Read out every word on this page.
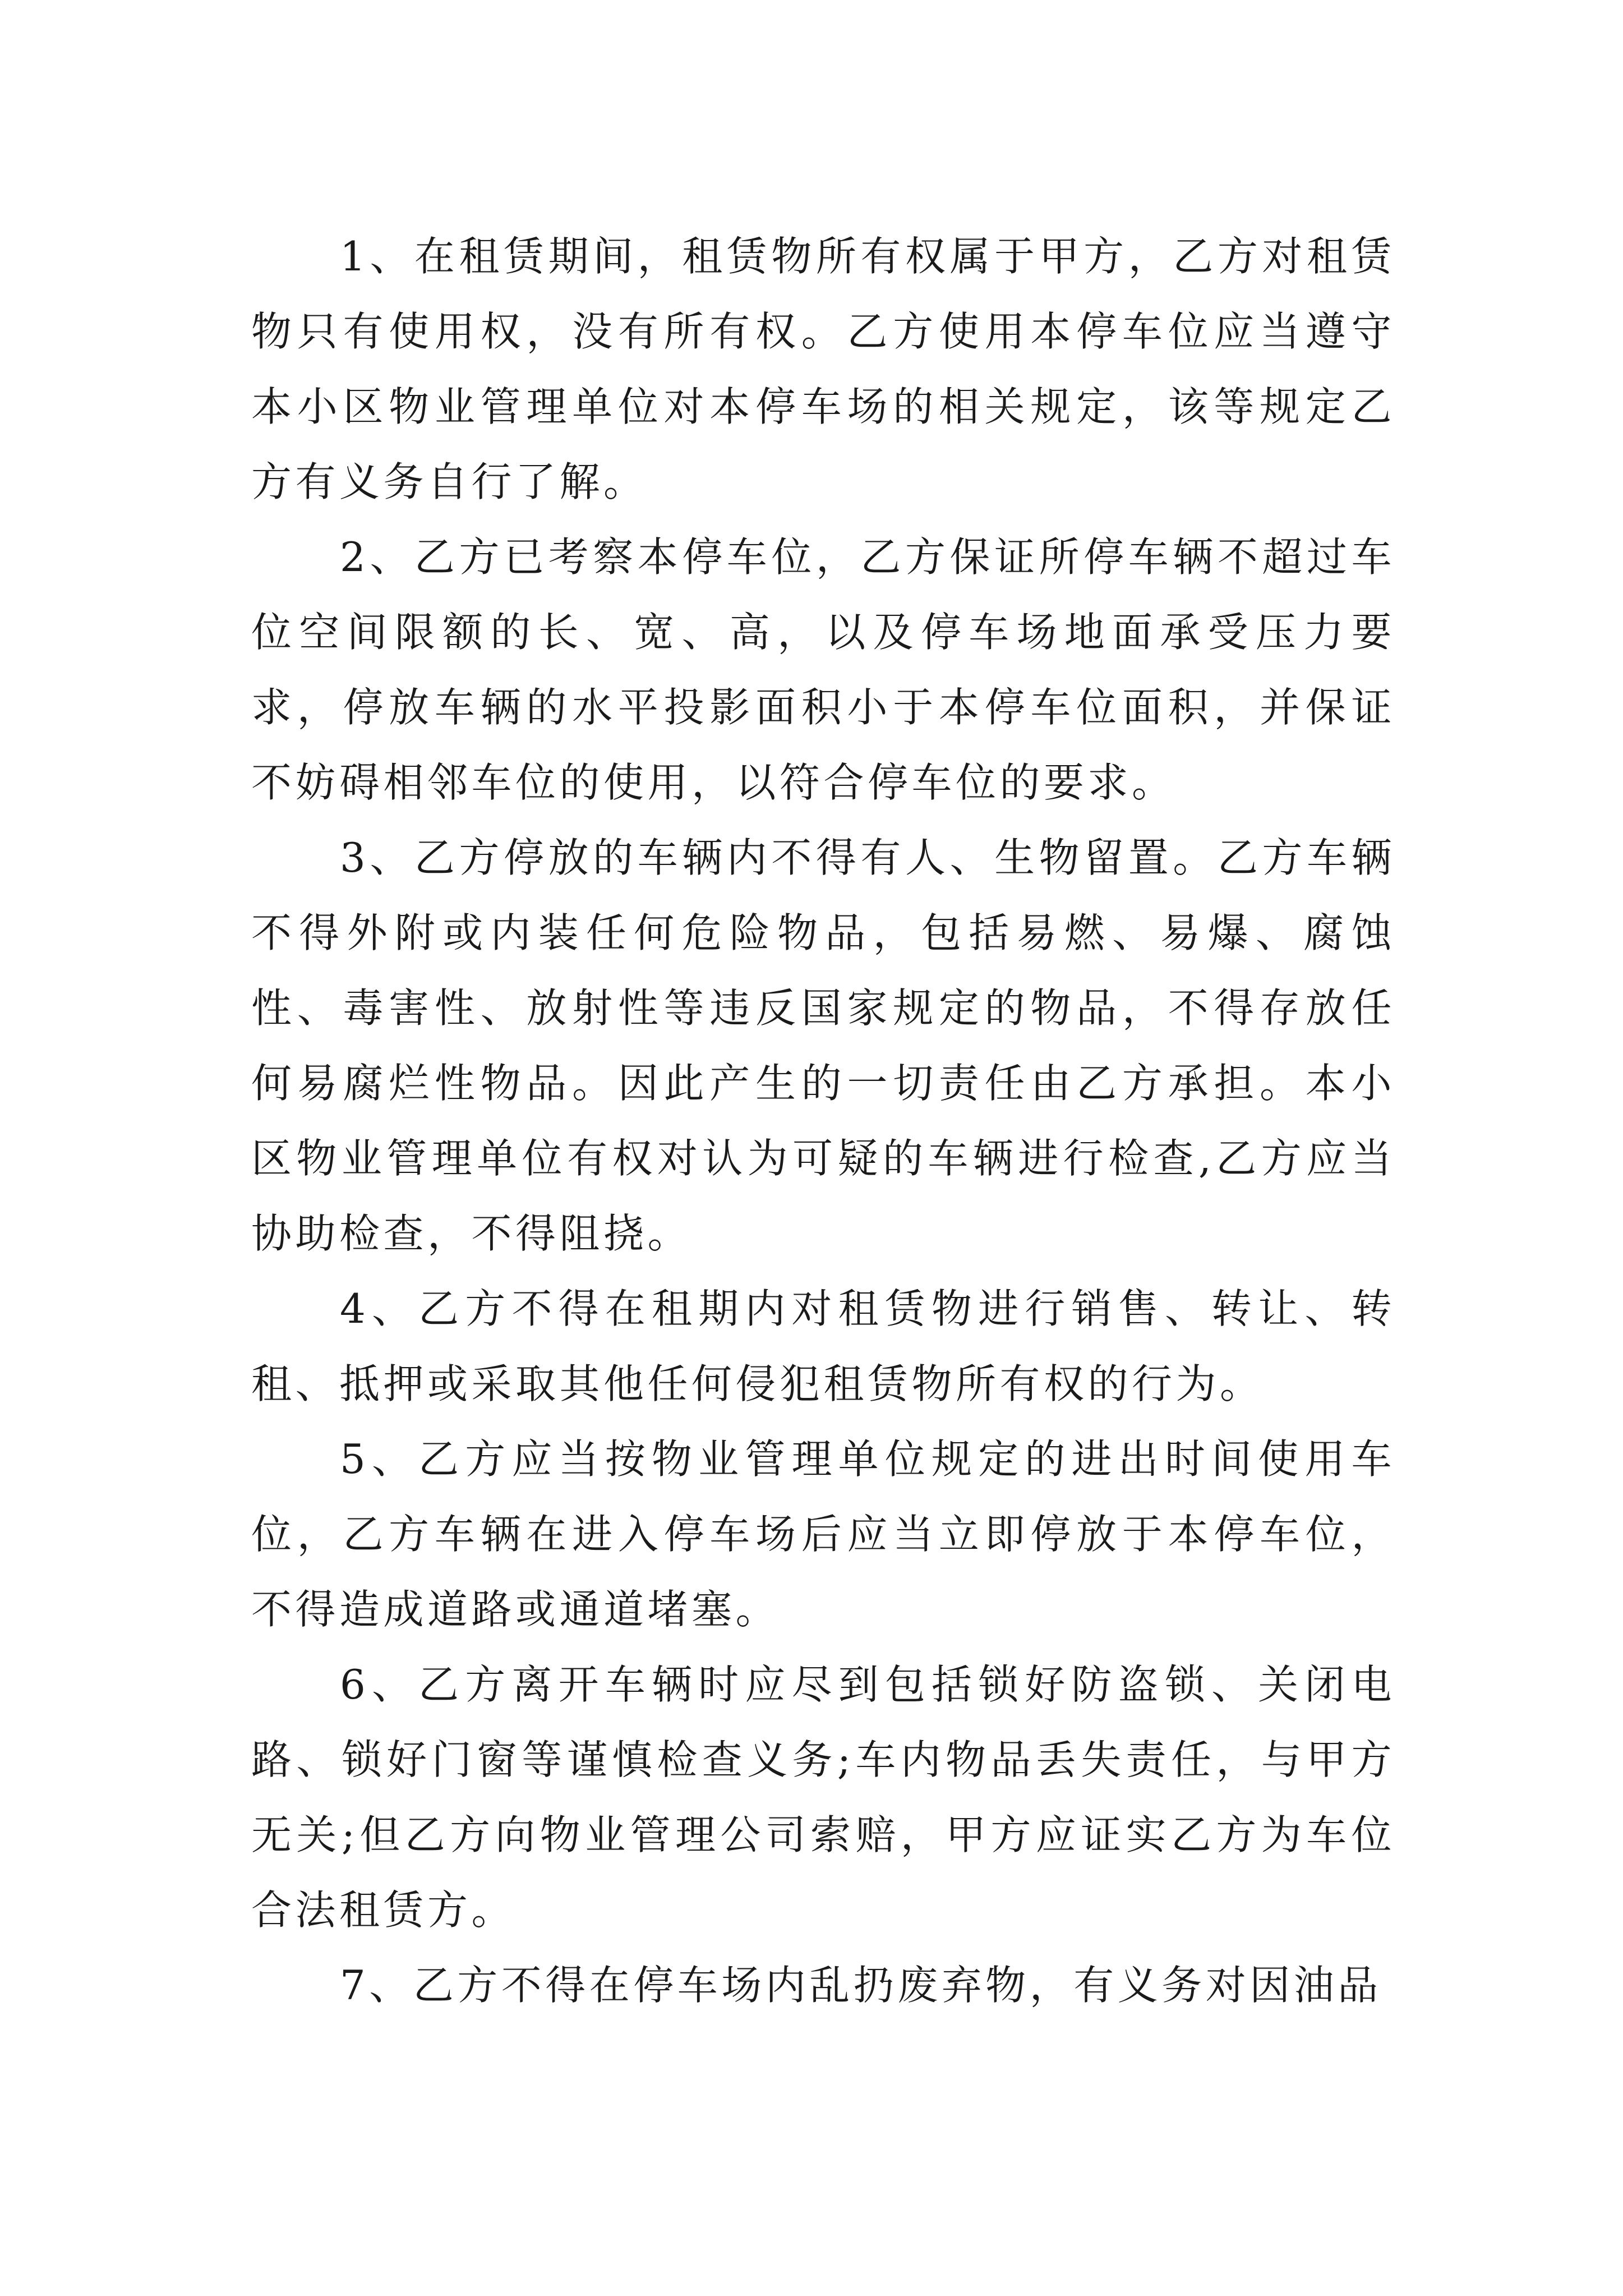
1、在租赁期间，租赁物所有权属于甲方，乙方对租赁物只有使用权，没有所有权。乙方使用本停车位应当遵守本小区物业管理单位对本停车场的相关规定，该等规定乙方有义务自行了解。

2、乙方已考察本停车位，乙方保证所停车辆不超过车位空间限额的长、宽、高，以及停车场地面承受压力要求，停放车辆的水平投影面积小于本停车位面积，并保证不妨碍相邻车位的使用，以符合停车位的要求。

3、乙方停放的车辆内不得有人、生物留置。乙方车辆不得外附或内装任何危险物品，包括易燃、易爆、腐蚀性、毒害性、放射性等违反国家规定的物品，不得存放任何易腐烂性物品。因此产生的一切责任由乙方承担。本小区物业管理单位有权对认为可疑的车辆进行检查,乙方应当协助检查，不得阻挠。

4、乙方不得在租期内对租赁物进行销售、转让、转租、抵押或采取其他任何侵犯租赁物所有权的行为。

5、乙方应当按物业管理单位规定的进出时间使用车位，乙方车辆在进入停车场后应当立即停放于本停车位，不得造成道路或通道堵塞。

6、乙方离开车辆时应尽到包括锁好防盗锁、关闭电路、锁好门窗等谨慎检查义务;车内物品丢失责任，与甲方无关;但乙方向物业管理公司索赔，甲方应证实乙方为车位合法租赁方。

7、乙方不得在停车场内乱扔废弃物，有义务对因油品
